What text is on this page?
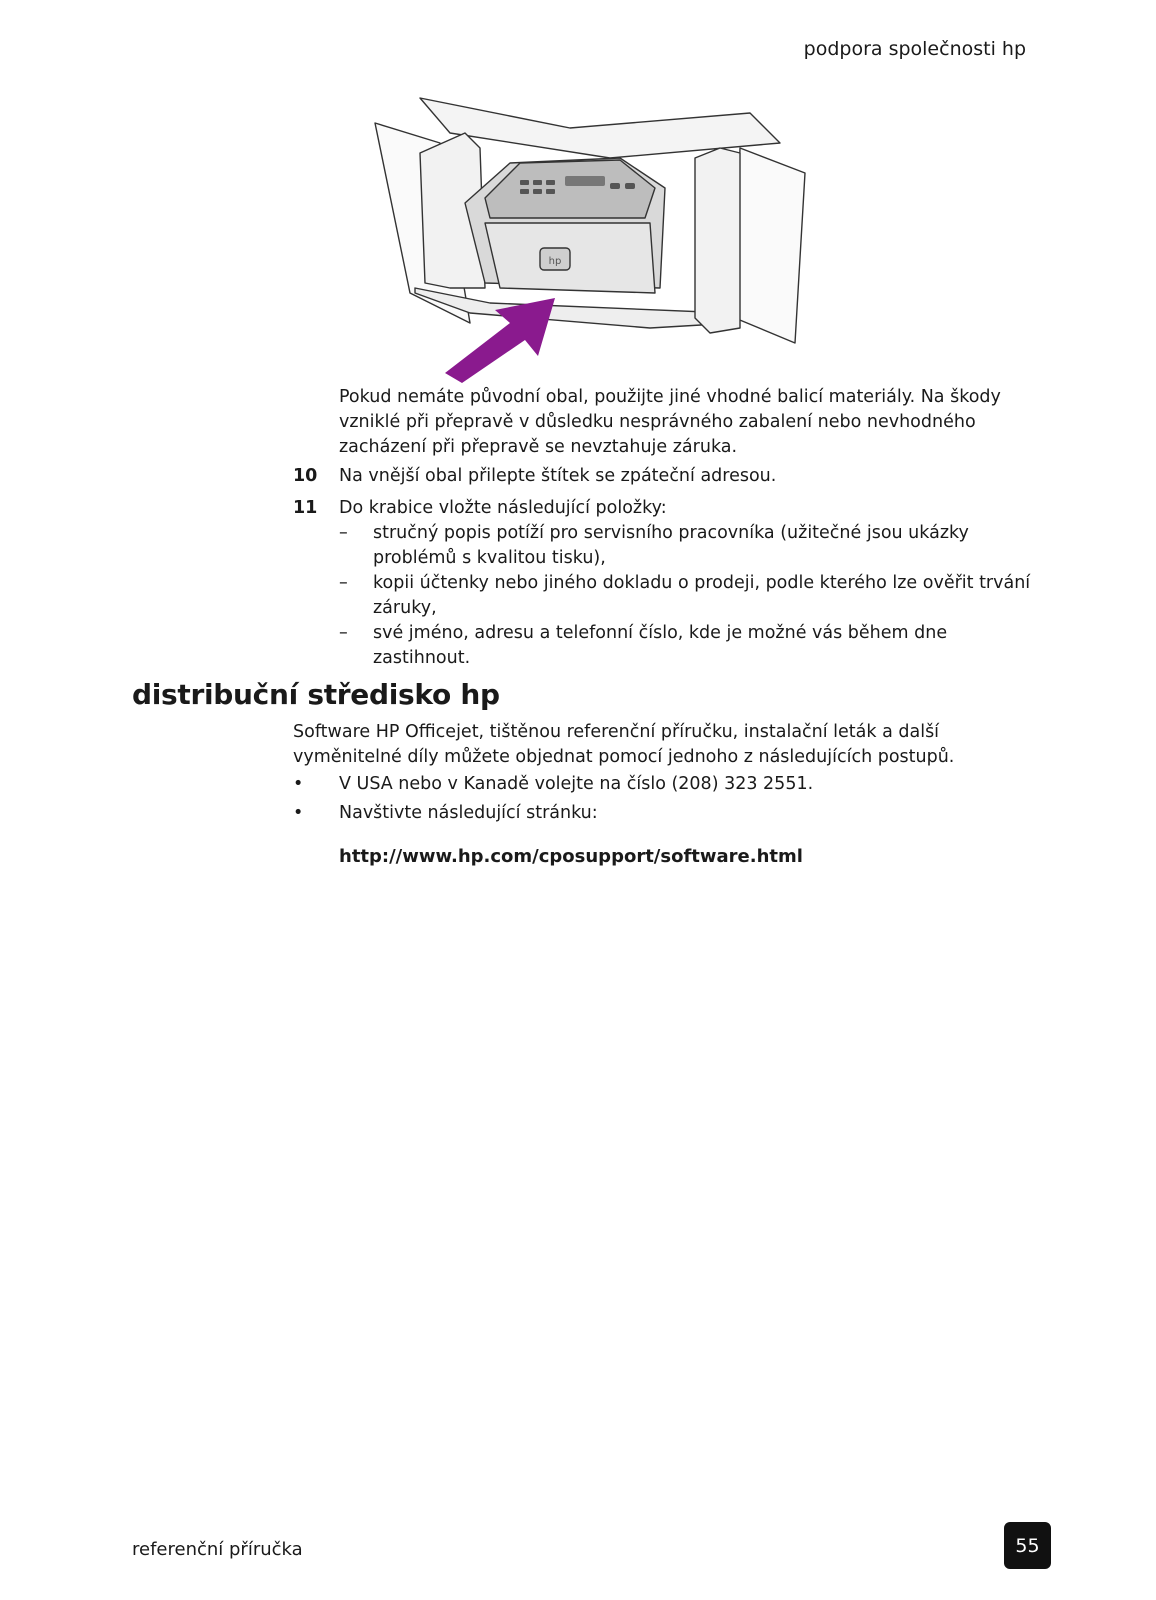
podpora společnosti hp
hp
Pokud nemáte původní obal, použijte jiné vhodné balicí materiály. Na škody vzniklé při přepravě v důsledku nesprávného zabalení nebo nevhodného zacházení při přepravě se nevztahuje záruka.
10 Na vnější obal přilepte štítek se zpáteční adresou.
11 Do krabice vložte následující položky:
– stručný popis potíží pro servisního pracovníka (užitečné jsou ukázky problémů s kvalitou tisku),
– kopii účtenky nebo jiného dokladu o prodeji, podle kterého lze ověřit trvání záruky,
– své jméno, adresu a telefonní číslo, kde je možné vás během dne zastihnout.
distribuční středisko hp
Software HP Officejet, tištěnou referenční příručku, instalační leták a další vyměnitelné díly můžete objednat pomocí jednoho z následujících postupů.
• V USA nebo v Kanadě volejte na číslo (208) 323 2551.
• Navštivte následující stránku:
http://www.hp.com/cposupport/software.html
referenční příručka	55
